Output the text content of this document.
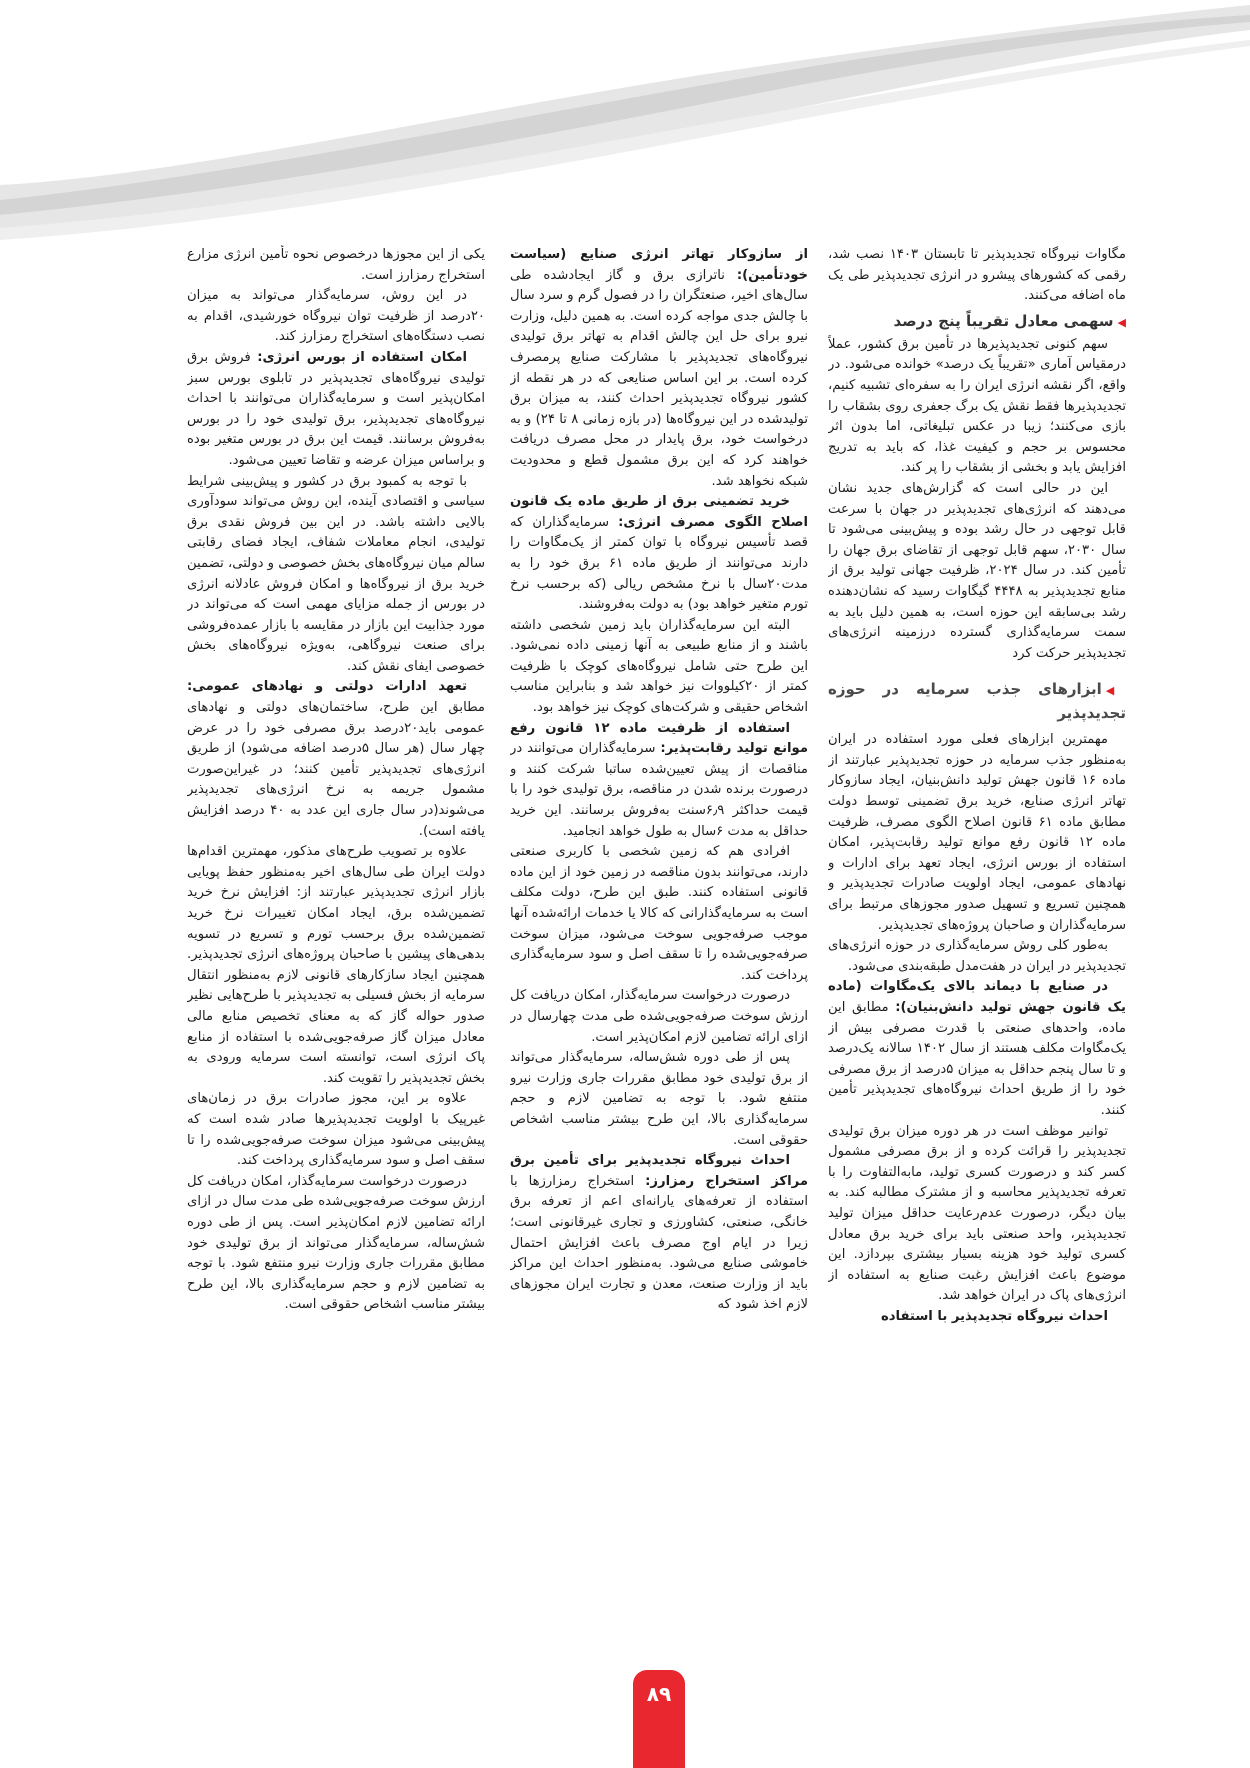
مگاوات نیروگاه تجدیدپذیر تا تابستان ۱۴۰۳ نصب شد، رقمی که کشورهای پیشرو در انرژی تجدیدپذیر طی یک ماه اضافه می‌کنند.

◀سهمی معادل تقریباً پنج درصد

سهم کنونی تجدیدپذیرها در تأمین برق کشور، عملاً درمقیاس آماری «تقریباً یک درصد» خوانده می‌شود. در واقع، اگر نقشه انرژی ایران را به سفره‌ای تشبیه کنیم، تجدیدپذیرها فقط نقش یک برگ جعفری روی بشقاب را بازی می‌کنند؛ زیبا در عکس تبلیغاتی، اما بدون اثر محسوس بر حجم و کیفیت غذا، که باید به تدریج افزایش یابد و بخشی از بشقاب را پر کند.

این در حالی است که گزارش‌های جدید نشان می‌دهند که انرژی‌های تجدیدپذیر در جهان با سرعت قابل توجهی در حال رشد بوده و پیش‌بینی می‌شود تا سال ۲۰۳۰، سهم قابل توجهی از تقاضای برق جهان را تأمین کند. در سال ۲۰۲۴، ظرفیت جهانی تولید برق از منابع تجدیدپذیر به ۴۴۴۸ گیگاوات رسید که نشان‌دهنده رشد بی‌سابقه این حوزه است، به همین دلیل باید به سمت سرمایه‌گذاری گسترده درزمینه انرژی‌های تجدیدپذیر حرکت کرد

◀ابزارهای جذب سرمایه در حوزه تجدیدپذیر

مهمترین ابزارهای فعلی مورد استفاده در ایران به‌منظور جذب سرمایه در حوزه تجدیدپذیر عبارتند از ماده ۱۶ قانون جهش تولید دانش‌بنیان، ایجاد سازوکار تهاتر انرژی صنایع، خرید برق تضمینی توسط دولت مطابق ماده ۶۱ قانون اصلاح الگوی مصرف، ظرفیت ماده ۱۲ قانون رفع موانع تولید رقابت‌پذیر، امکان استفاده از بورس انرژی، ایجاد تعهد برای ادارات و نهادهای عمومی، ایجاد اولویت صادرات تجدیدپذیر و همچنین تسریع و تسهیل صدور مجوزهای مرتبط برای سرمایه‌گذاران و صاحبان پروژه‌های تجدیدپذیر.

به‌طور کلی روش سرمایه‌گذاری در حوزه انرژی‌های تجدیدپذیر در ایران در هفت‌مدل طبقه‌بندی می‌شود.

در صنایع با دیماند بالای یک‌مگاوات (ماده یک قانون جهش تولید دانش‌بنیان): مطابق این ماده، واحدهای صنعتی با قدرت مصرفی بیش از یک‌مگاوات مکلف هستند از سال ۱۴۰۲ سالانه یک‌درصد و تا سال پنجم حداقل به میزان ۵درصد از برق مصرفی خود را از طریق احداث نیروگاه‌های تجدیدپذیر تأمین کنند.

توانیر موظف است در هر دوره میزان برق تولیدی تجدیدپذیر را قرائت کرده و از برق مصرفی مشمول کسر کند و درصورت کسری تولید، مابه‌التفاوت را با تعرفه تجدیدپذیر محاسبه و از مشترک مطالبه کند. به بیان دیگر، درصورت عدم‌رعایت حداقل میزان تولید تجدیدپذیر، واحد صنعتی باید برای خرید برق معادل کسری تولید خود هزینه بسیار بیشتری بپردازد. این موضوع باعث افزایش رغبت صنایع به استفاده از انرژی‌های پاک در ایران خواهد شد.

احداث نیروگاه تجدیدپذیر با استفاده

از سازوکار تهاتر انرژی صنایع (سیاست خودتأمین): ناترازی برق و گاز ایجادشده طی سال‌های اخیر، صنعتگران را در فصول گرم و سرد سال با چالش جدی مواجه کرده است. به همین دلیل، وزارت نیرو برای حل این چالش اقدام به تهاتر برق تولیدی نیروگاه‌های تجدیدپذیر با مشارکت صنایع پرمصرف کرده است. بر این اساس صنایعی که در هر نقطه از کشور نیروگاه تجدیدپذیر احداث کنند، به میزان برق تولیدشده در این نیروگاه‌ها (در بازه زمانی ۸ تا ۲۴) و به درخواست خود، برق پایدار در محل مصرف دریافت خواهند کرد که این برق مشمول قطع و محدودیت شبکه نخواهد شد.

خرید تضمینی برق از طریق ماده یک قانون اصلاح الگوی مصرف انرژی: سرمایه‌گذاران که قصد تأسیس نیروگاه با توان کمتر از یک‌مگاوات را دارند می‌توانند از طریق ماده ۶۱ برق خود را به مدت۲۰سال با نرخ مشخص ریالی (که برحسب نرخ تورم متغیر خواهد بود) به دولت به‌فروشند.

البته این سرمایه‌گذاران باید زمین شخصی داشته باشند و از منابع طبیعی به آنها زمینی داده نمی‌شود. این طرح حتی شامل نیروگاه‌های کوچک با ظرفیت کمتر از ۲۰کیلووات نیز خواهد شد و بنابراین مناسب اشخاص حقیقی و شرکت‌های کوچک نیز خواهد بود.

استفاده از ظرفیت ماده ۱۲ قانون رفع موانع تولید رقابت‌پذیر: سرمایه‌گذاران می‌توانند در مناقصات از پیش تعیین‌شده ساتبا شرکت کنند و درصورت برنده شدن در مناقصه، برق تولیدی خود را با قیمت حداکثر ۶٫۹سنت به‌فروش برسانند. این خرید حداقل به مدت ۶سال به طول خواهد انجامید.

افرادی هم که زمین شخصی با کاربری صنعتی دارند، می‌توانند بدون مناقصه در زمین خود از این ماده قانونی استفاده کنند. طبق این طرح، دولت مکلف است به سرمایه‌گذارانی که کالا یا خدمات ارائه‌شده آنها موجب صرفه‌جویی سوخت می‌شود، میزان سوخت صرفه‌جویی‌شده را تا سقف اصل و سود سرمایه‌گذاری پرداخت کند.

درصورت درخواست سرمایه‌گذار، امکان دریافت کل ارزش سوخت صرفه‌جویی‌شده طی مدت چهارسال در ازای ارائه تضامین لازم امکان‌پذیر است.

پس از طی دوره شش‌ساله، سرمایه‌گذار می‌تواند از برق تولیدی خود مطابق مقررات جاری وزارت نیرو منتفع شود. با توجه به تضامین لازم و حجم سرمایه‌گذاری بالا، این طرح بیشتر مناسب اشخاص حقوقی است.

احداث نیروگاه تجدیدپذیر برای تأمین برق مراکز استخراج رمزارز: استخراج رمزارزها با استفاده از تعرفه‌های یارانه‌ای اعم از تعرفه برق خانگی، صنعتی، کشاورزی و تجاری غیرقانونی است؛ زیرا در ایام اوج مصرف باعث افزایش احتمال خاموشی صنایع می‌شود. به‌منظور احداث این مراکز باید از وزارت صنعت، معدن و تجارت ایران مجوزهای لازم اخذ شود که

یکی از این مجوزها درخصوص نحوه تأمین انرژی مزارع استخراج رمزارز است.

در این روش، سرمایه‌گذار می‌تواند به میزان ۲۰درصد از ظرفیت توان نیروگاه خورشیدی، اقدام به نصب دستگاه‌های استخراج رمزارز کند.

امکان استفاده از بورس انرژی: فروش برق تولیدی نیروگاه‌های تجدیدپذیر در تابلوی بورس سبز امکان‌پذیر است و سرمایه‌گذاران می‌توانند با احداث نیروگاه‌های تجدیدپذیر، برق تولیدی خود را در بورس به‌فروش برسانند. قیمت این برق در بورس متغیر بوده و براساس میزان عرضه و تقاضا تعیین می‌شود.

با توجه به کمبود برق در کشور و پیش‌بینی شرایط سیاسی و اقتصادی آینده، این روش می‌تواند سودآوری بالایی داشته باشد. در این بین فروش نقدی برق تولیدی، انجام معاملات شفاف، ایجاد فضای رقابتی سالم میان نیروگاه‌های بخش خصوصی و دولتی، تضمین خرید برق از نیروگاه‌ها و امکان فروش عادلانه انرژی در بورس از جمله مزایای مهمی است که می‌تواند در مورد جذابیت این بازار در مقایسه با بازار عمده‌فروشی برای صنعت نیروگاهی، به‌ویژه نیروگاه‌های بخش خصوصی ایفای نقش کند.

تعهد ادارات دولتی و نهادهای عمومی: مطابق این طرح، ساختمان‌های دولتی و نهادهای عمومی باید۲۰درصد برق مصرفی خود را در عرض چهار سال (هر سال ۵درصد اضافه می‌شود) از طریق انرژی‌های تجدیدپذیر تأمین کنند؛ در غیراین‌صورت مشمول جریمه به نرخ انرژی‌های تجدیدپذیر می‌شوند(در سال جاری این عدد به ۴۰ درصد افزایش یافته است).

علاوه بر تصویب طرح‌های مذکور، مهمترین اقدام‌ها دولت ایران طی سال‌های اخیر به‌منظور حفظ پویایی بازار انرژی تجدیدپذیر عبارتند از: افزایش نرخ خرید تضمین‌شده برق، ایجاد امکان تغییرات نرخ خرید تضمین‌شده برق برحسب تورم و تسریع در تسویه بدهی‌های پیشین با صاحبان پروژه‌های انرژی تجدیدپذیر. همچنین ایجاد سازکارهای قانونی لازم به‌منظور انتقال سرمایه از بخش فسیلی به تجدیدپذیر با طرح‌هایی نظیر صدور حواله گاز که به معنای تخصیص منابع مالی معادل میزان گاز صرفه‌جویی‌شده با استفاده از منابع پاک انرژی است، توانسته است سرمایه ورودی به بخش تجدیدپذیر را تقویت کند.

علاوه بر این، مجوز صادرات برق در زمان‌های غیرپیک با اولویت تجدیدپذیرها صادر شده است که پیش‌بینی می‌شود میزان سوخت صرفه‌جویی‌شده را تا سقف اصل و سود سرمایه‌گذاری پرداخت کند.

درصورت درخواست سرمایه‌گذار، امکان دریافت کل ارزش سوخت صرفه‌جویی‌شده طی مدت سال در ازای ارائه تضامین لازم امکان‌پذیر است. پس از طی دوره شش‌ساله، سرمایه‌گذار می‌تواند از برق تولیدی خود مطابق مقررات جاری وزارت نیرو منتفع شود. با توجه به تضامین لازم و حجم سرمایه‌گذاری بالا، این طرح بیشتر مناسب اشخاص حقوقی است.

۸۹
